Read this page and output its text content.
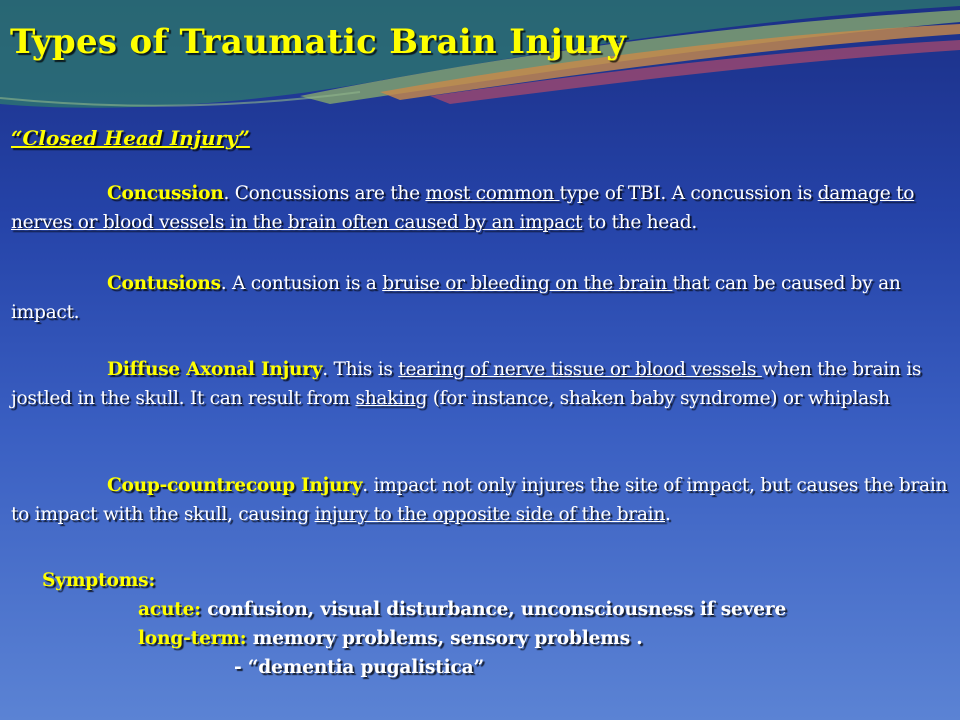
Types of Traumatic Brain Injury
“Closed Head Injury”
Concussion. Concussions are the most common type of TBI. A concussion is damage to nerves or blood vessels in the brain often caused by an impact to the head.
Contusions. A contusion is a bruise or bleeding on the brain that can be caused by an impact.
Diffuse Axonal Injury. This is tearing of nerve tissue or blood vessels when the brain is jostled in the skull. It can result from shaking (for instance, shaken baby syndrome) or whiplash
Coup-countrecoup Injury. impact not only injures the site of impact, but causes the brain to impact with the skull, causing injury to the opposite side of the brain.
Symptoms:
acute: confusion, visual disturbance, unconsciousness if severe
long-term: memory problems, sensory problems .
- “dementia pugalistica”
